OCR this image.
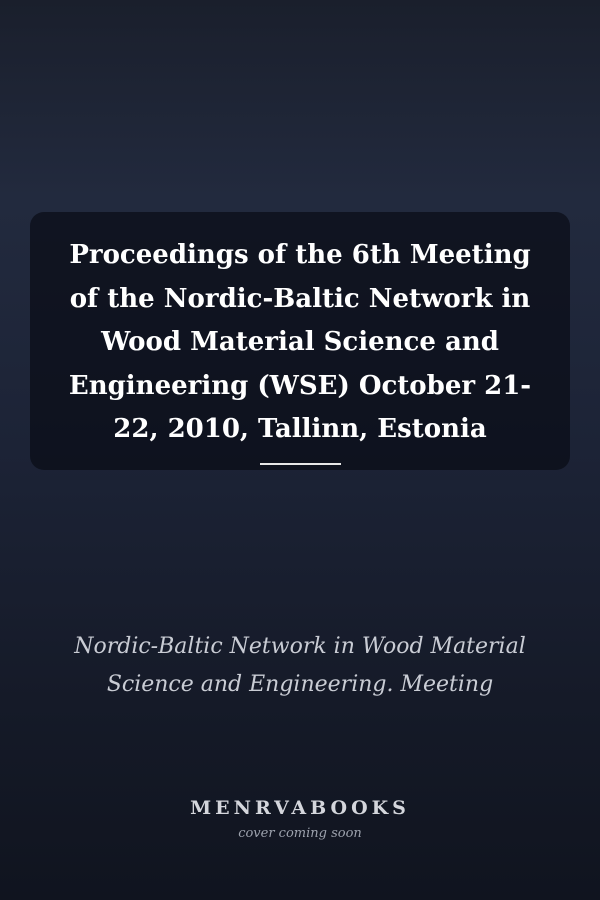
Proceedings of the 6th Meeting of the Nordic-Baltic Network in Wood Material Science and Engineering (WSE) October 21-22, 2010, Tallinn, Estonia

Nordic-Baltic Network in Wood Material Science and Engineering. Meeting

MENRVABOOKS
cover coming soon
